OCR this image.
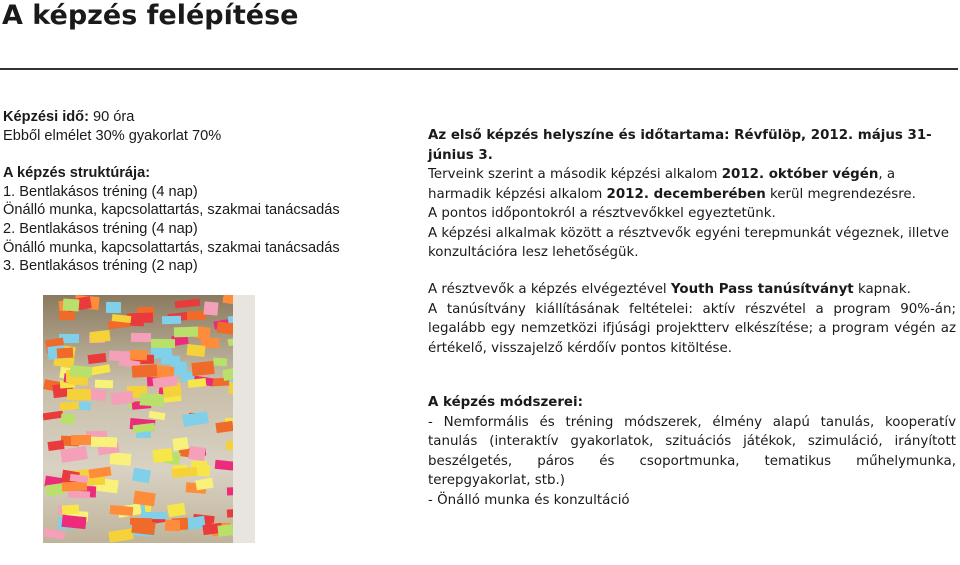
A képzés felépítése

Képzési idő: 90 óra

Ebből elmélet 30% gyakorlat 70%

A képzés struktúrája:

1. Bentlakásos tréning (4 nap)

Önálló munka, kapcsolattartás, szakmai tanácsadás

2. Bentlakásos tréning (4 nap)

Önálló munka, kapcsolattartás, szakmai tanácsadás

3. Bentlakásos tréning (2 nap)

Az első képzés helyszíne és időtartama: Révfülöp, 2012. május 31- június 3.

Terveink szerint a második képzési alkalom 2012. október végén, a harmadik képzési alkalom 2012. decemberében kerül megrendezésre.

A pontos időpontokról a résztvevőkkel egyeztetünk.

A képzési alkalmak között a résztvevők egyéni terepmunkát végeznek, illetve konzultációra lesz lehetőségük.

A résztvevők a képzés elvégeztével Youth Pass tanúsítványt kapnak.

A tanúsítvány kiállításának feltételei: aktív részvétel a program 90%-án; legalább egy nemzetközi ifjúsági projektterv elkészítése; a program végén az értékelő, visszajelző kérdőív pontos kitöltése.

A képzés módszerei:

- Nemformális és tréning módszerek, élmény alapú tanulás, kooperatív tanulás (interaktív gyakorlatok, szituációs játékok, szimuláció, irányított beszélgetés, páros és csoportmunka, tematikus műhelymunka, terepgyakorlat, stb.)

- Önálló munka és konzultáció
